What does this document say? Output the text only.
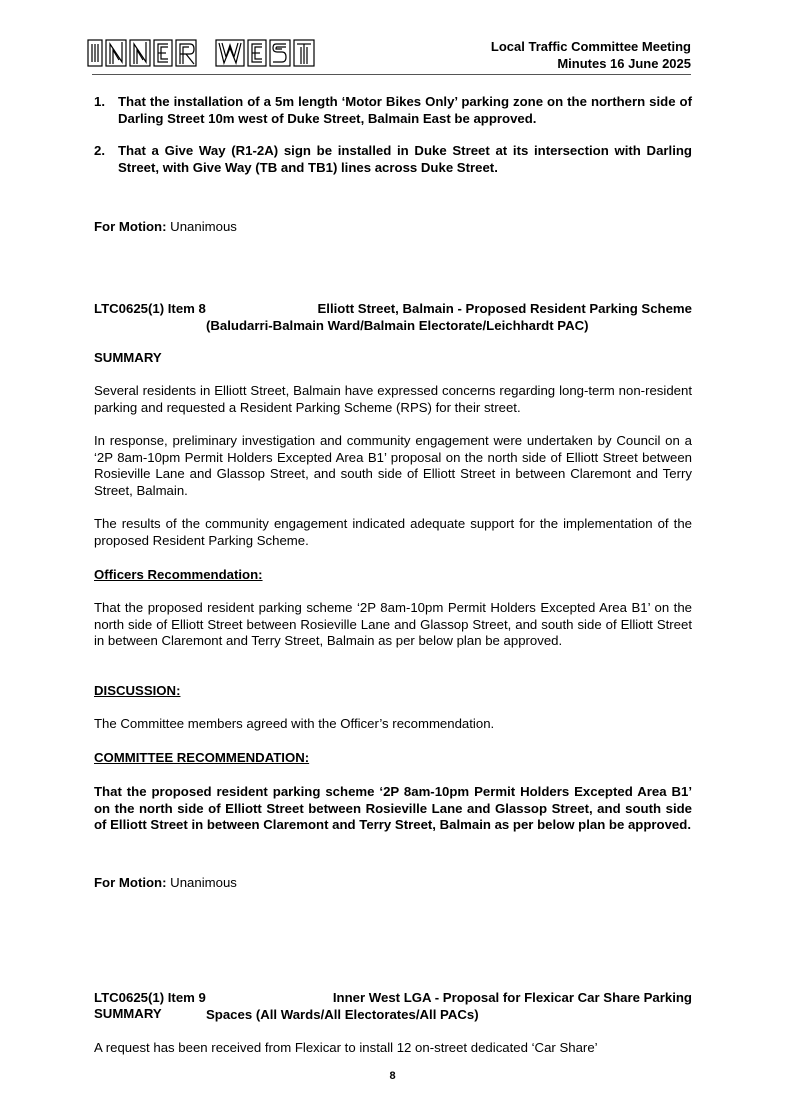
Local Traffic Committee Meeting
Minutes 16 June 2025
1. That the installation of a 5m length ‘Motor Bikes Only’ parking zone on the northern side of Darling Street 10m west of Duke Street, Balmain East be approved.
2. That a Give Way (R1-2A) sign be installed in Duke Street at its intersection with Darling Street, with Give Way (TB and TB1) lines across Duke Street.
For Motion: Unanimous
LTC0625(1) Item 8	Elliott Street, Balmain - Proposed Resident Parking Scheme
(Baludarri-Balmain Ward/Balmain Electorate/Leichhardt PAC)
SUMMARY
Several residents in Elliott Street, Balmain have expressed concerns regarding long-term non-resident parking and requested a Resident Parking Scheme (RPS) for their street.
In response, preliminary investigation and community engagement were undertaken by Council on a ‘2P 8am-10pm Permit Holders Excepted Area B1’ proposal on the north side of Elliott Street between Rosieville Lane and Glassop Street, and south side of Elliott Street in between Claremont and Terry Street, Balmain.
The results of the community engagement indicated adequate support for the implementation of the proposed Resident Parking Scheme.
Officers Recommendation:
That the proposed resident parking scheme ‘2P 8am-10pm Permit Holders Excepted Area B1’ on the north side of Elliott Street between Rosieville Lane and Glassop Street, and south side of Elliott Street in between Claremont and Terry Street, Balmain as per below plan be approved.
DISCUSSION:
The Committee members agreed with the Officer’s recommendation.
COMMITTEE RECOMMENDATION:
That the proposed resident parking scheme ‘2P 8am-10pm Permit Holders Excepted Area B1’ on the north side of Elliott Street between Rosieville Lane and Glassop Street, and south side of Elliott Street in between Claremont and Terry Street, Balmain as per below plan be approved.
For Motion: Unanimous
LTC0625(1) Item 9	Inner West LGA - Proposal for Flexicar Car Share Parking
Spaces (All Wards/All Electorates/All PACs)
SUMMARY
A request has been received from Flexicar to install 12 on-street dedicated ‘Car Share’
8
